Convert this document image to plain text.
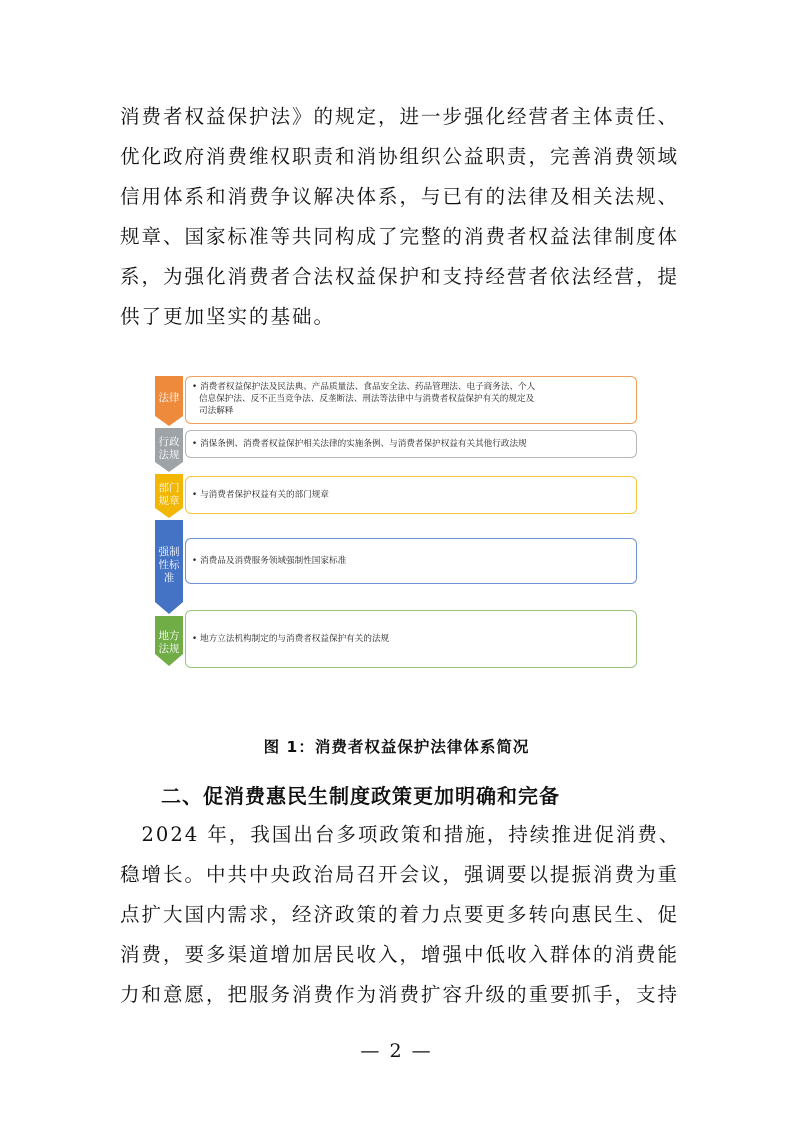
消费者权益保护法》的规定，进一步强化经营者主体责任、

优化政府消费维权职责和消协组织公益职责，完善消费领域

信用体系和消费争议解决体系，与已有的法律及相关法规、

规章、国家标准等共同构成了完整的消费者权益法律制度体

系，为强化消费者合法权益保护和支持经营者依法经营，提

供了更加坚实的基础。

法律
行政法规
部门规章
强制性标准
地方法规
• 消费者权益保护法及民法典、产品质量法、食品安全法、药品管理法、电子商务法、个人
信息保护法、反不正当竞争法、反垄断法、刑法等法律中与消费者权益保护有关的规定及
司法解释
• 消保条例、消费者权益保护相关法律的实施条例、与消费者保护权益有关其他行政法规
• 与消费者保护权益有关的部门规章
• 消费品及消费服务领域强制性国家标准
• 地方立法机构制定的与消费者权益保护有关的法规
图 1：消费者权益保护法律体系简况
二、促消费惠民生制度政策更加明确和完备

　2024 年，我国出台多项政策和措施，持续推进促消费、

稳增长。中共中央政治局召开会议，强调要以提振消费为重

点扩大国内需求，经济政策的着力点要更多转向惠民生、促

消费，要多渠道增加居民收入，增强中低收入群体的消费能

力和意愿，把服务消费作为消费扩容升级的重要抓手，支持

— 2 —
